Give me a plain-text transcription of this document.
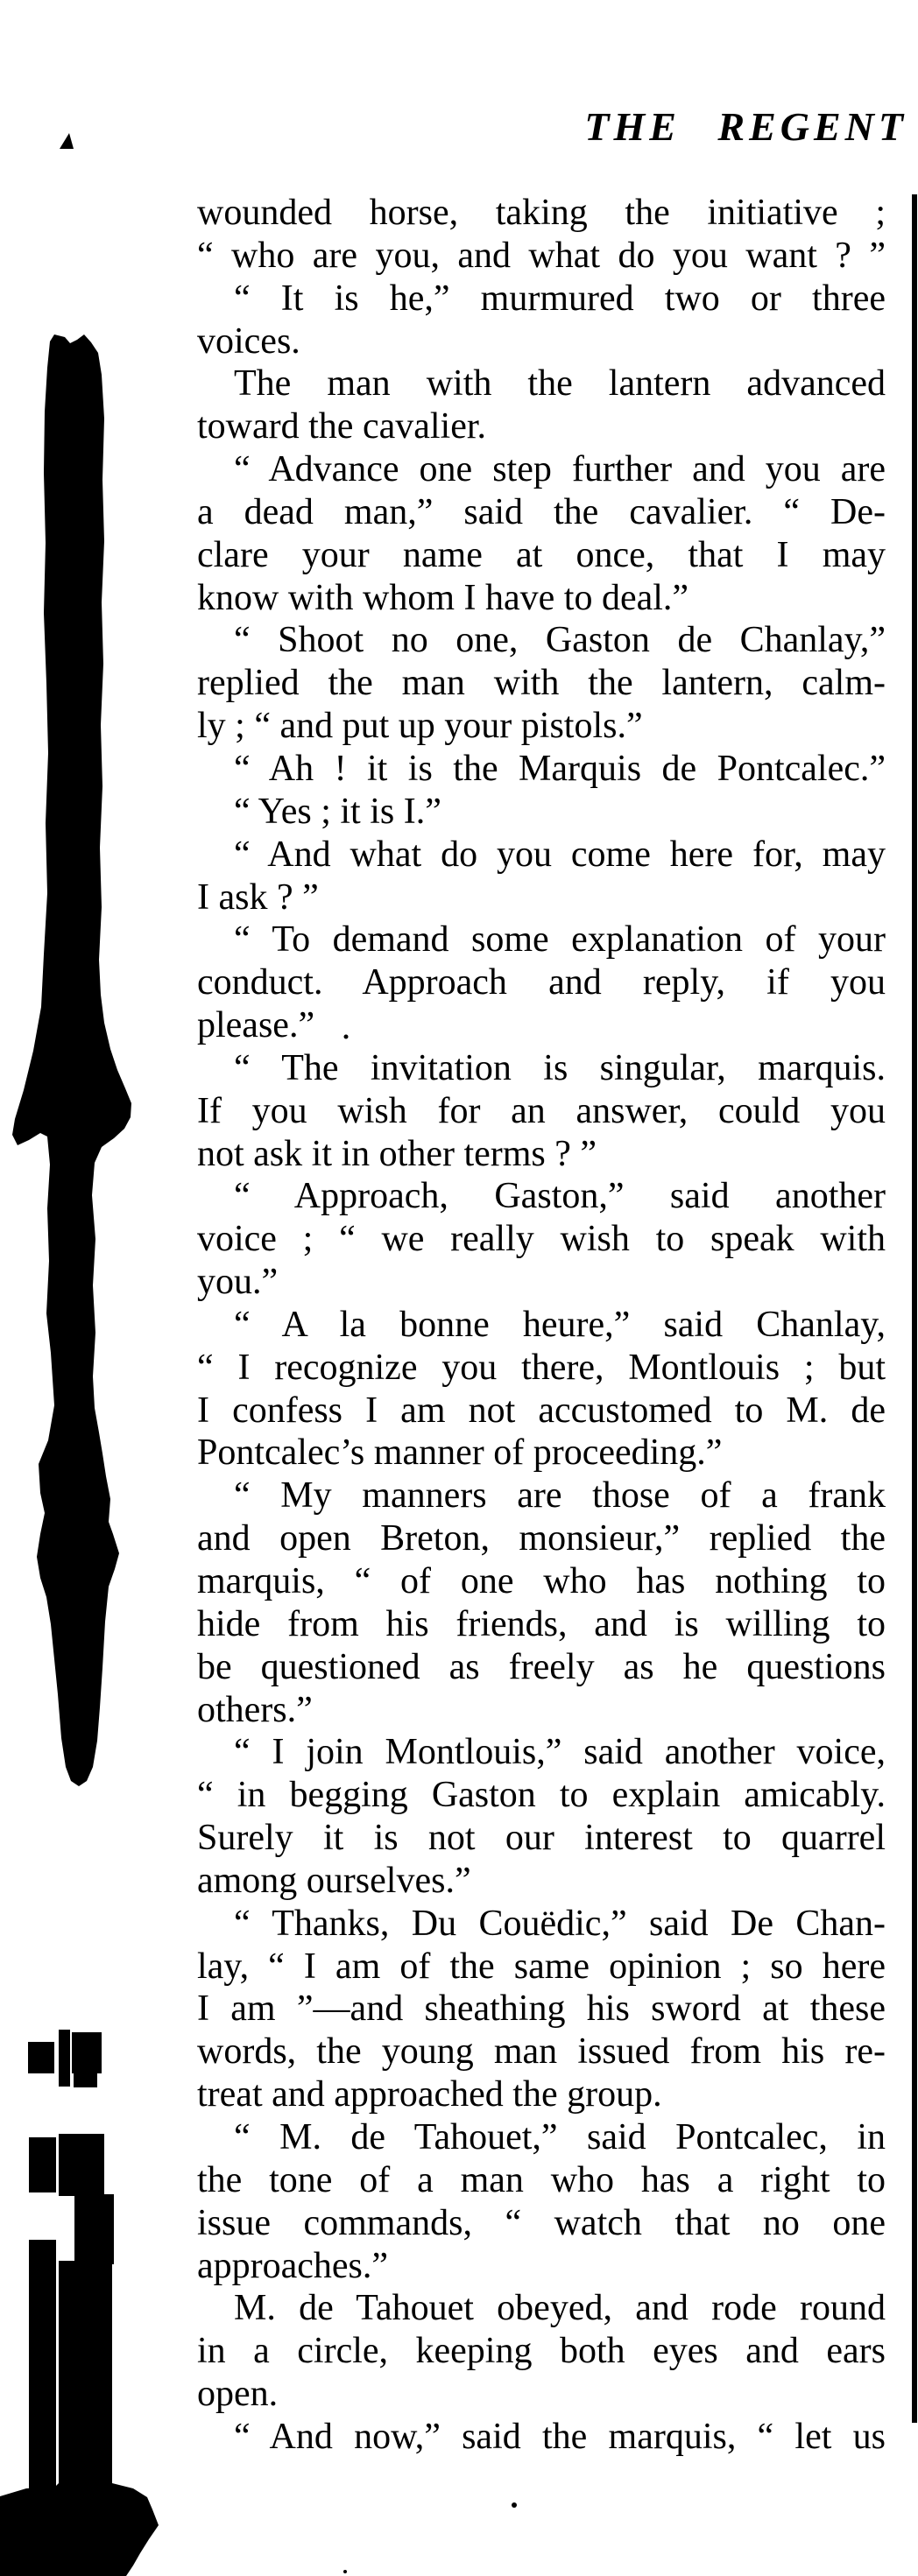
THE REGENT
wounded horse, taking the initiative ;
“ who are you, and what do you want ? ”
“ It is he,” murmured two or three
voices.
The man with the lantern advanced
toward the cavalier.
“ Advance one step further and you are
a dead man,” said the cavalier. “ De-
clare your name at once, that I may
know with whom I have to deal.”
“ Shoot no one, Gaston de Chanlay,”
replied the man with the lantern, calm-
ly ; “ and put up your pistols.”
“ Ah ! it is the Marquis de Pontcalec.”
“ Yes ; it is I.”
“ And what do you come here for, may
I ask ? ”
“ To demand some explanation of your
conduct. Approach and reply, if you
please.”
“ The invitation is singular, marquis.
If you wish for an answer, could you
not ask it in other terms ? ”
“ Approach, Gaston,” said another
voice ; “ we really wish to speak with
you.”
“ A la bonne heure,” said Chanlay,
“ I recognize you there, Montlouis ; but
I confess I am not accustomed to M. de
Pontcalec’s manner of proceeding.”
“ My manners are those of a frank
and open Breton, monsieur,” replied the
marquis, “ of one who has nothing to
hide from his friends, and is willing to
be questioned as freely as he questions
others.”
“ I join Montlouis,” said another voice,
“ in begging Gaston to explain amicably.
Surely it is not our interest to quarrel
among ourselves.”
“ Thanks, Du Couëdic,” said De Chan-
lay, “ I am of the same opinion ; so here
I am ”—and sheathing his sword at these
words, the young man issued from his re-
treat and approached the group.
“ M. de Tahouet,” said Pontcalec, in
the tone of a man who has a right to
issue commands, “ watch that no one
approaches.”
M. de Tahouet obeyed, and rode round
in a circle, keeping both eyes and ears
open.
“ And now,” said the marquis, “ let us
